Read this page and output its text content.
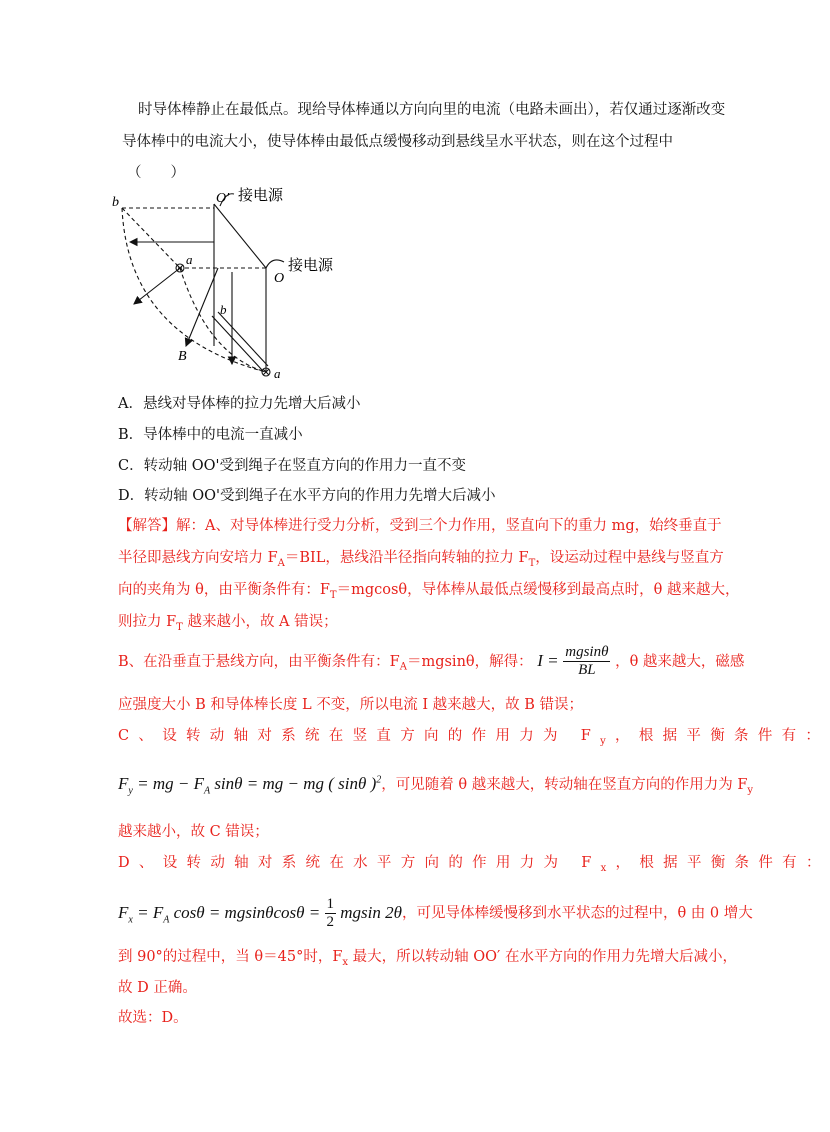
时导体棒静止在最低点。现给导体棒通以方向向里的电流（电路未画出），若仅通过逐渐改变
导体棒中的电流大小，使导体棒由最低点缓慢移动到悬线呈水平状态，则在这个过程中
（　　）
b	O′ 接电源
a	接电源
O
b
B
a
A．悬线对导体棒的拉力先增大后减小
B．导体棒中的电流一直减小
C．转动轴 OO'受到绳子在竖直方向的作用力一直不变
D．转动轴 OO'受到绳子在水平方向的作用力先增大后减小
【解答】解：A、对导体棒进行受力分析，受到三个力作用，竖直向下的重力 mg，始终垂直于
半径即悬线方向安培力 $F_A=BIL$，悬线沿半径指向转轴的拉力 $F_T$，设运动过程中悬线与竖直方
向的夹角为 θ，由平衡条件有：$F_T=mgcos\theta$，导体棒从最低点缓慢移到最高点时，θ 越来越大，
则拉力 $F_T$ 越来越小，故 A 错误；
B、在沿垂直于悬线方向，由平衡条件有：$F_A=mgsin\theta$，解得： $I = \frac{mgsin\theta}{BL}$ ，θ 越来越大，磁感
应强度大小 B 和导体棒长度 L 不变，所以电流 I 越来越大，故 B 错误；
C、设转动轴对系统在竖直方向的作用力为 $F_y$，根据平衡条件有：
$F_y$ = mg − $F_A$ sinθ = mg − mg ( sinθ )$^2$，可见随着 θ 越来越大，转动轴在竖直方向的作用力为 $F_y$
越来越小，故 C 错误；
D、设转动轴对系统在水平方向的作用力为 $F_x$，根据平衡条件有：
$F_x = F_A$ $\cos\theta = mgsin\theta\cos\theta = \frac{1}{2}$ mgsin 2θ，可见导体棒缓慢移到水平状态的过程中，θ 由 0 增大
到 90°的过程中，当 θ＝45°时，$F_x$ 最大，所以转动轴 OO′ 在水平方向的作用力先增大后减小，
故 D 正确。
故选：D。
